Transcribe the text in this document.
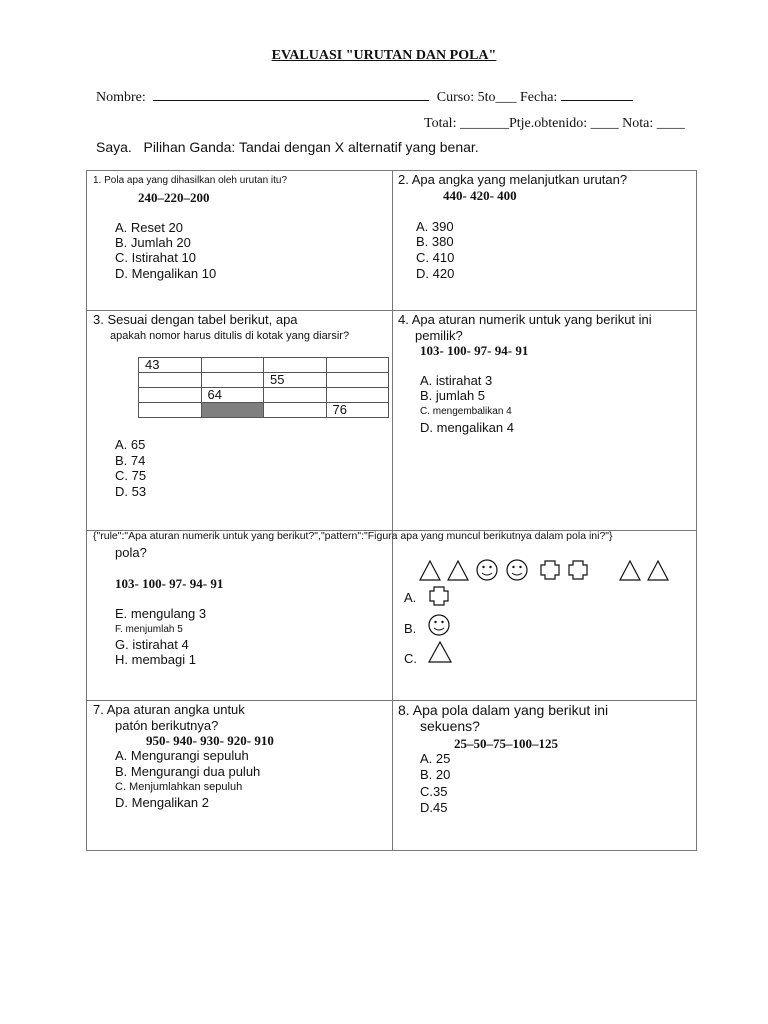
EVALUASI "URUTAN DAN POLA"
Nombre:	Curso: 5to___ Fecha:
Total: _______Ptje.obtenido: ____ Nota: ____
Saya. Pilihan Ganda: Tandai dengan X alternatif yang benar.
1. Pola apa yang dihasilkan oleh urutan itu?
240–220–200
A. Reset 20
B. Jumlah 20
C. Istirahat 10
D. Mengalikan 10
2. Apa angka yang melanjutkan urutan?
440- 420- 400
A. 390
B. 380
C. 410
D. 420
3. Sesuai dengan tabel berikut, apa
apakah nomor harus ditulis di kotak yang diarsir?
43			
		55	
	64		
			76
A. 65
B. 74
C. 75
D. 53
4. Apa aturan numerik untuk yang berikut ini
pemilik?
103- 100- 97- 94- 91
A. istirahat 3
B. jumlah 5
C. mengembalikan 4
D. mengalikan 4
{"rule":"Apa aturan numerik untuk yang berikut?","pattern":"Figura apa yang muncul berikutnya dalam pola ini?"}
pola?
103- 100- 97- 94- 91
E. mengulang 3
F. menjumlah 5
G. istirahat 4
H. membagi 1
A.
B.
C.
7. Apa aturan angka untuk
patón berikutnya?
950- 940- 930- 920- 910
A. Mengurangi sepuluh
B. Mengurangi dua puluh
C. Menjumlahkan sepuluh
D. Mengalikan 2
8. Apa pola dalam yang berikut ini
sekuens?
25–50–75–100–125
A. 25
B. 20
C.35
D.45
